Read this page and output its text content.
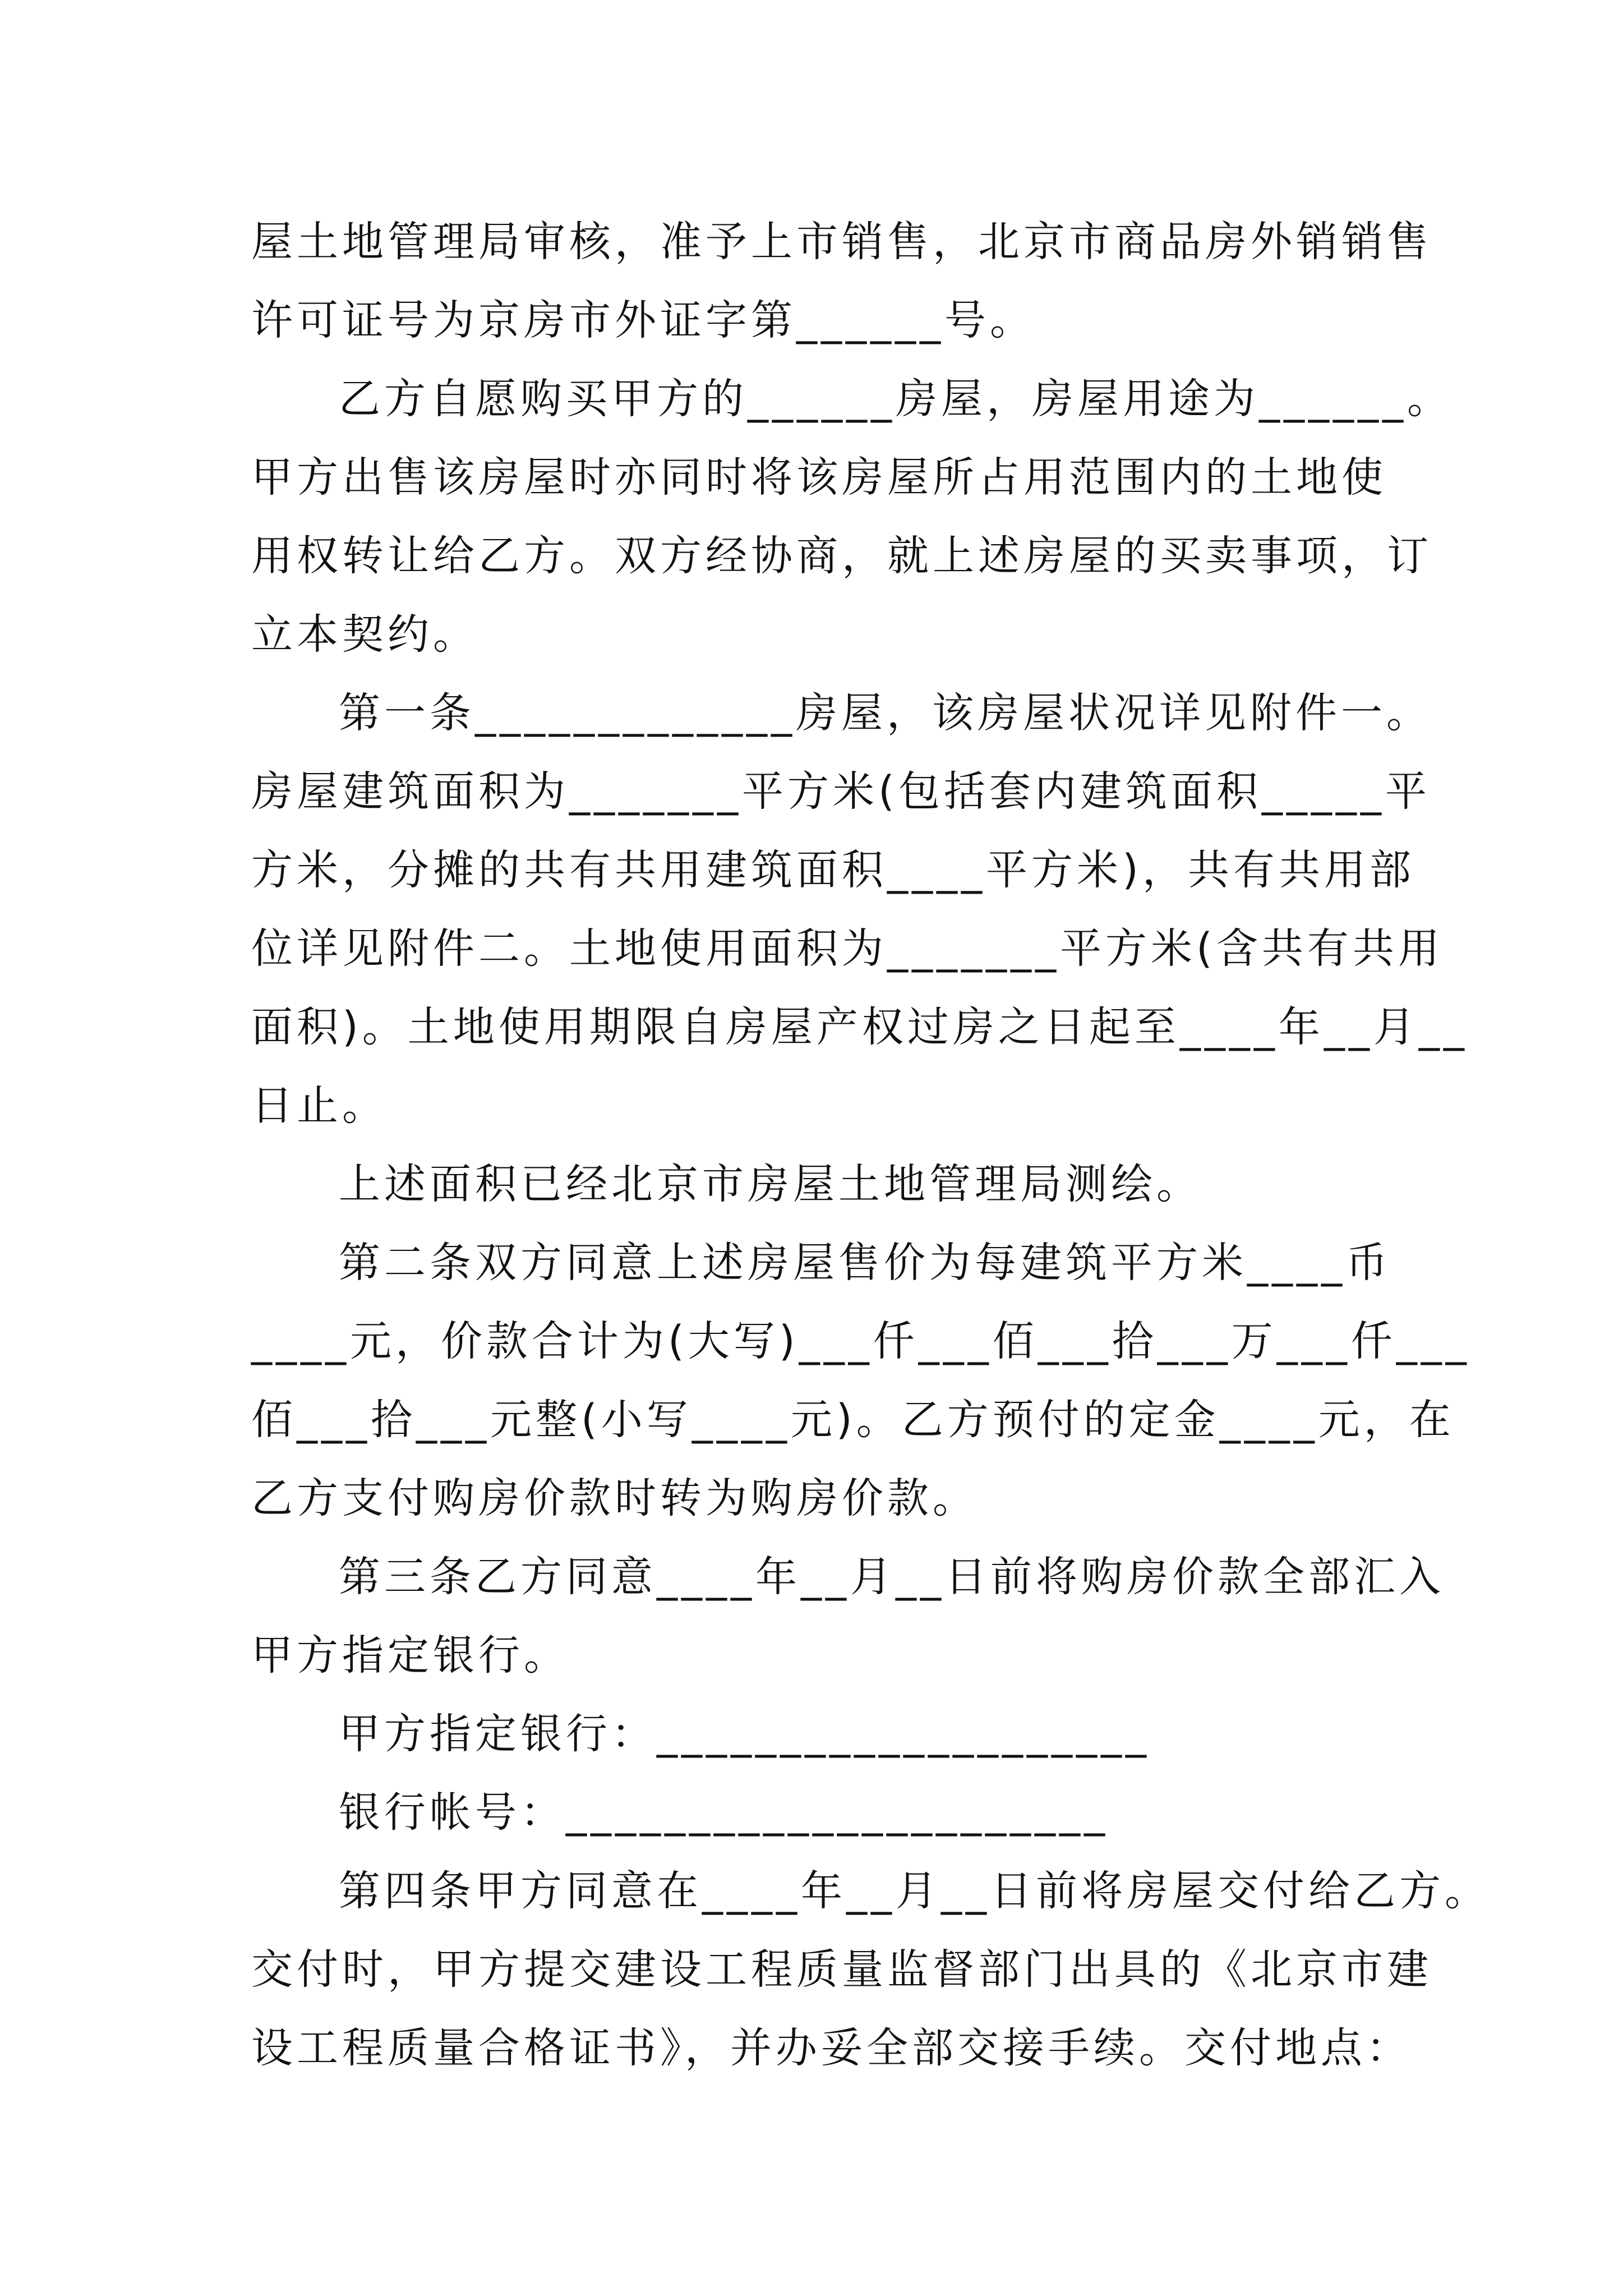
屋土地管理局审核，准予上市销售，北京市商品房外销销售
许可证号为京房市外证字第______号。
乙方自愿购买甲方的______房屋，房屋用途为______。
甲方出售该房屋时亦同时将该房屋所占用范围内的土地使
用权转让给乙方。双方经协商，就上述房屋的买卖事项，订
立本契约。
第一条_____________房屋，该房屋状况详见附件一。
房屋建筑面积为_______平方米(包括套内建筑面积_____平
方米，分摊的共有共用建筑面积____平方米)，共有共用部
位详见附件二。土地使用面积为_______平方米(含共有共用
面积)。土地使用期限自房屋产权过房之日起至____年__月__
日止。
上述面积已经北京市房屋土地管理局测绘。
第二条双方同意上述房屋售价为每建筑平方米____币
____元，价款合计为(大写)___仟___佰___拾___万___仟___
佰___拾___元整(小写____元)。乙方预付的定金____元，在
乙方支付购房价款时转为购房价款。
第三条乙方同意____年__月__日前将购房价款全部汇入
甲方指定银行。
甲方指定银行：____________________
银行帐号：______________________
第四条甲方同意在____年__月__日前将房屋交付给乙方。
交付时，甲方提交建设工程质量监督部门出具的《北京市建
设工程质量合格证书》，并办妥全部交接手续。交付地点：
